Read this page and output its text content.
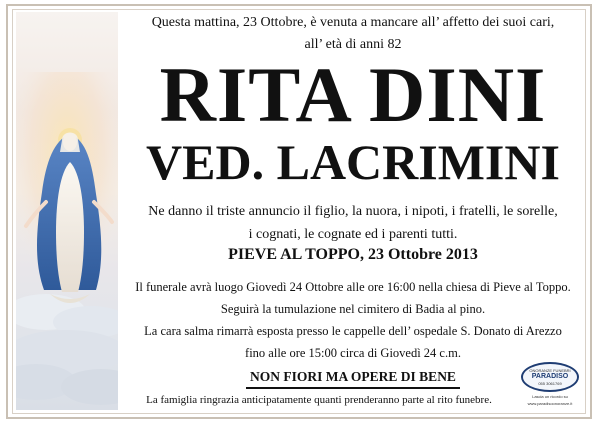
Questa mattina, 23 Ottobre, è venuta a mancare all’ affetto dei suoi cari,
all’ età di anni 82
RITA DINI
VED. LACRIMINI
Ne danno il triste annuncio il figlio, la nuora, i nipoti, i fratelli, le sorelle,
i cognati, le cognate ed i parenti tutti.
PIEVE AL TOPPO, 23 Ottobre 2013
Il funerale avrà luogo Giovedì 24 Ottobre alle ore 16:00 nella chiesa di Pieve al Toppo.
Seguirà la tumulazione nel cimitero di Badia al pino.
La cara salma rimarrà esposta presso le cappelle dell’ ospedale S. Donato di Arezzo
fino alle ore 15:00 circa di Giovedì 24 c.m.
NON FIORI MA OPERE DI BENE
La famiglia ringrazia anticipatamente quanti prenderanno parte al rito funebre.
ONORANZE FUNEBRI
PARADISO
055 3061769
Lascia un ricordo su
www.paradisoonoranze.it
